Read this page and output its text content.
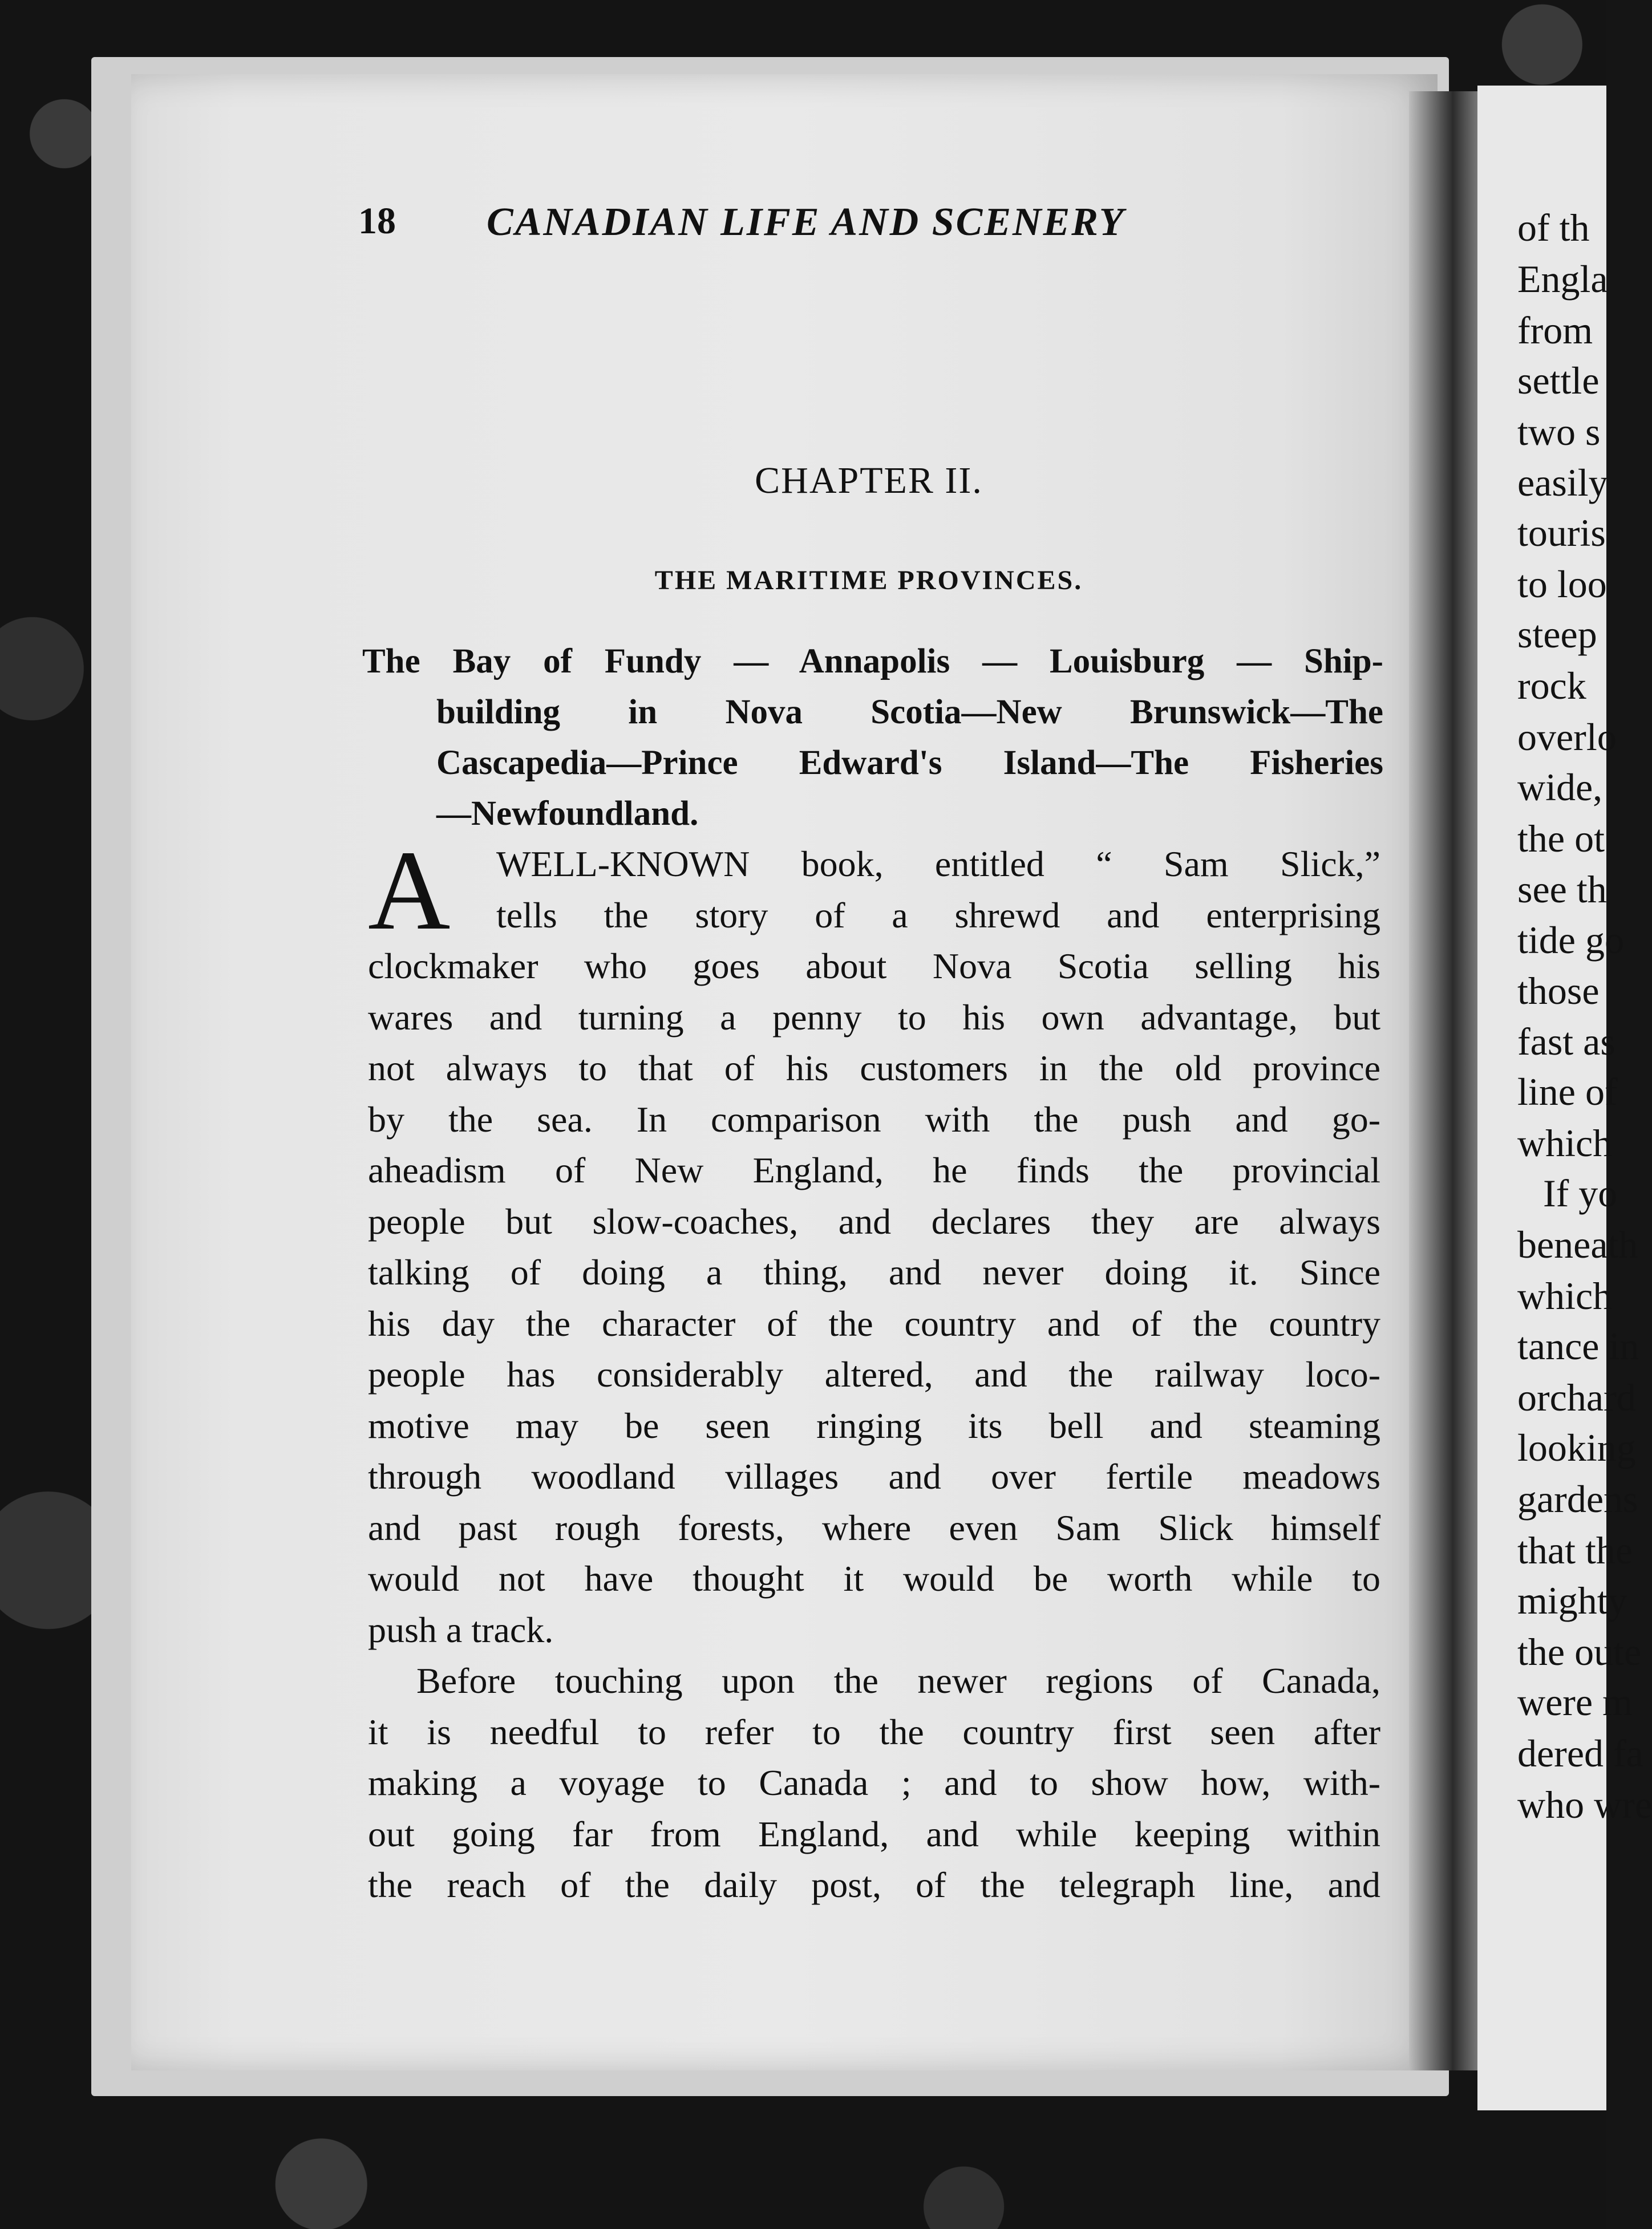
of th
Engla
from
settle
two s
easily
touris
to loo
steep
rock
overlo
wide,
the ot
see th
tide go
those
fast as
line of
which
If yo
beneath
which
tance in
orchard
looking
gardens
that the
mighty
the oute
were m
dered fa
who wre
18 CANADIAN LIFE AND SCENERY
CHAPTER II.
THE MARITIME PROVINCES.
The Bay of Fundy — Annapolis — Louisburg — Ship-
building in Nova Scotia—New Brunswick—The
Cascapedia—Prince Edward's Island—The Fisheries
—Newfoundland.
A WELL-KNOWN book, entitled “ Sam Slick,”
tells the story of a shrewd and enterprising
clockmaker who goes about Nova Scotia selling his
wares and turning a penny to his own advantage, but
not always to that of his customers in the old province
by the sea. In comparison with the push and go-
aheadism of New England, he finds the provincial
people but slow-coaches, and declares they are always
talking of doing a thing, and never doing it. Since
his day the character of the country and of the country
people has considerably altered, and the railway loco-
motive may be seen ringing its bell and steaming
through woodland villages and over fertile meadows
and past rough forests, where even Sam Slick himself
would not have thought it would be worth while to
push a track.
Before touching upon the newer regions of Canada,
it is needful to refer to the country first seen after
making a voyage to Canada ; and to show how, with-
out going far from England, and while keeping within
the reach of the daily post, of the telegraph line, and
